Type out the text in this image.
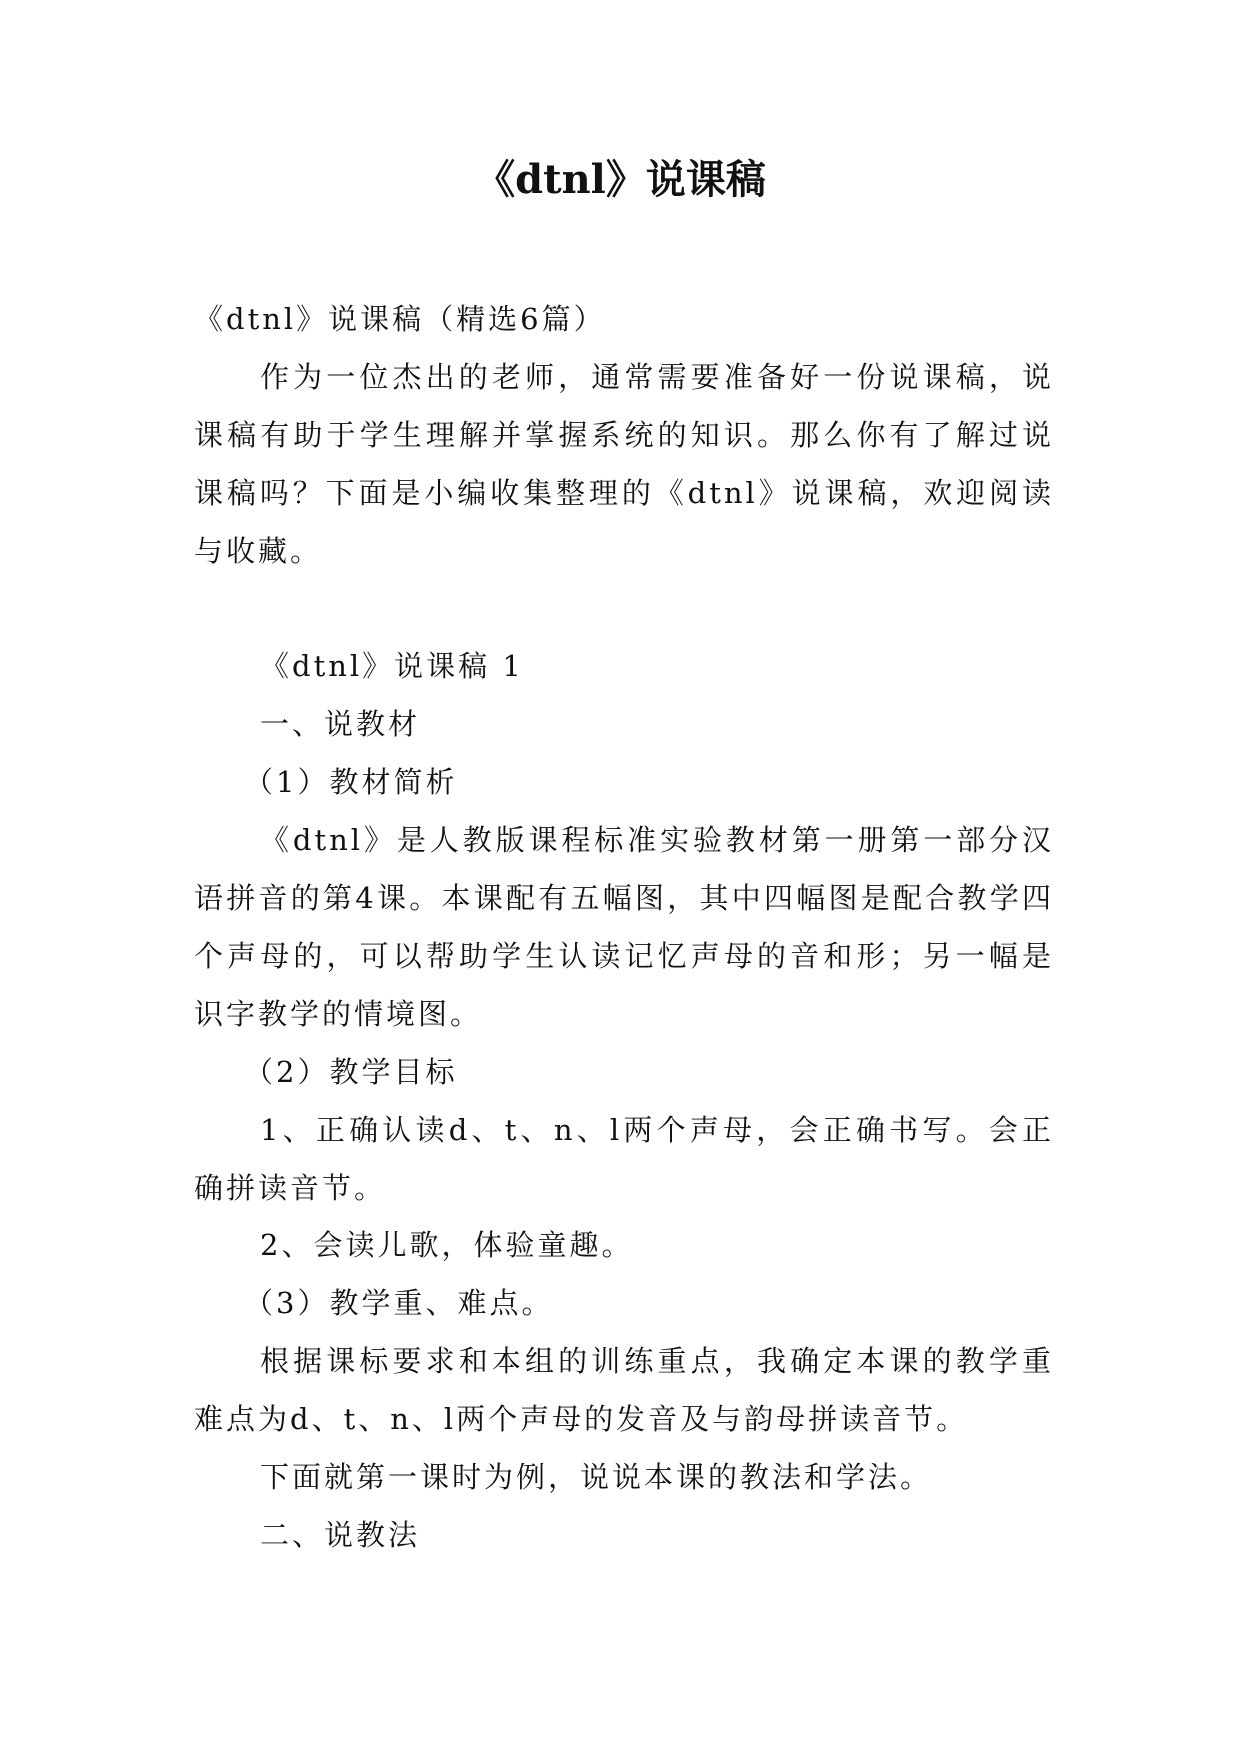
《dtnl》说课稿

《dtnl》说课稿（精选6篇）

作为一位杰出的老师，通常需要准备好一份说课稿，说课稿有助于学生理解并掌握系统的知识。那么你有了解过说课稿吗？下面是小编收集整理的《dtnl》说课稿，欢迎阅读与收藏。

《dtnl》说课稿 1

一、说教材

（1）教材简析

《dtnl》是人教版课程标准实验教材第一册第一部分汉语拼音的第4课。本课配有五幅图，其中四幅图是配合教学四个声母的，可以帮助学生认读记忆声母的音和形；另一幅是识字教学的情境图。

（2）教学目标

1、正确认读d、t、n、l两个声母，会正确书写。会正确拼读音节。

2、会读儿歌，体验童趣。

（3）教学重、难点。

根据课标要求和本组的训练重点，我确定本课的教学重难点为d、t、n、l两个声母的发音及与韵母拼读音节。

下面就第一课时为例，说说本课的教法和学法。

二、说教法
